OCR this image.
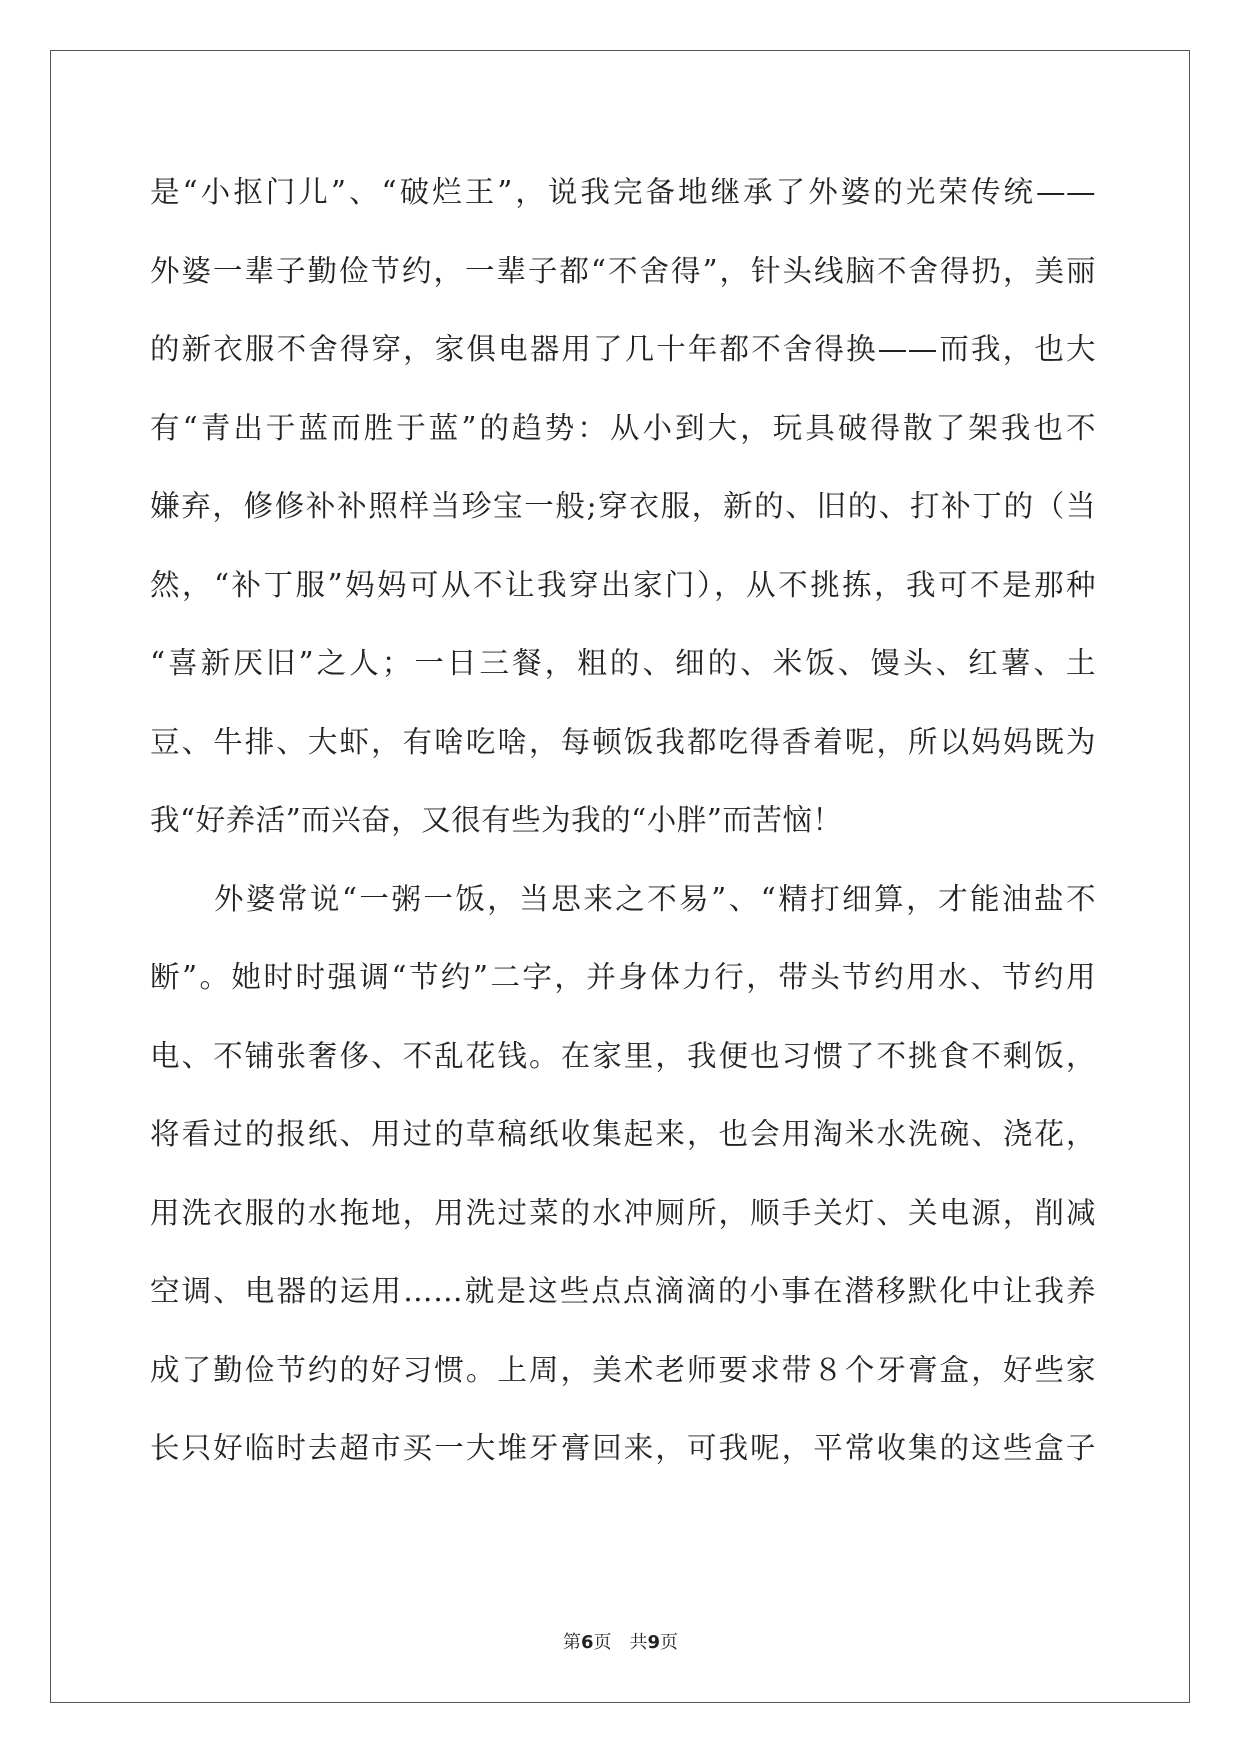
是“小抠门儿”、“破烂王”，说我完备地继承了外婆的光荣传统——
外婆一辈子勤俭节约，一辈子都“不舍得”，针头线脑不舍得扔，美丽
的新衣服不舍得穿，家俱电器用了几十年都不舍得换——而我，也大
有“青出于蓝而胜于蓝”的趋势：从小到大，玩具破得散了架我也不
嫌弃，修修补补照样当珍宝一般;穿衣服，新的、旧的、打补丁的（当
然，“补丁服”妈妈可从不让我穿出家门），从不挑拣，我可不是那种
“喜新厌旧”之人；一日三餐，粗的、细的、米饭、馒头、红薯、土
豆、牛排、大虾，有啥吃啥，每顿饭我都吃得香着呢，所以妈妈既为
我“好养活”而兴奋，又很有些为我的“小胖”而苦恼！
　　外婆常说“一粥一饭，当思来之不易”、“精打细算，才能油盐不
断”。她时时强调“节约”二字，并身体力行，带头节约用水、节约用
电、不铺张奢侈、不乱花钱。在家里，我便也习惯了不挑食不剩饭，
将看过的报纸、用过的草稿纸收集起来，也会用淘米水洗碗、浇花，
用洗衣服的水拖地，用洗过菜的水冲厕所，顺手关灯、关电源，削减
空调、电器的运用……就是这些点点滴滴的小事在潜移默化中让我养
成了勤俭节约的好习惯。上周，美术老师要求带８个牙膏盒，好些家
长只好临时去超市买一大堆牙膏回来，可我呢，平常收集的这些盒子
第6页　共9页
